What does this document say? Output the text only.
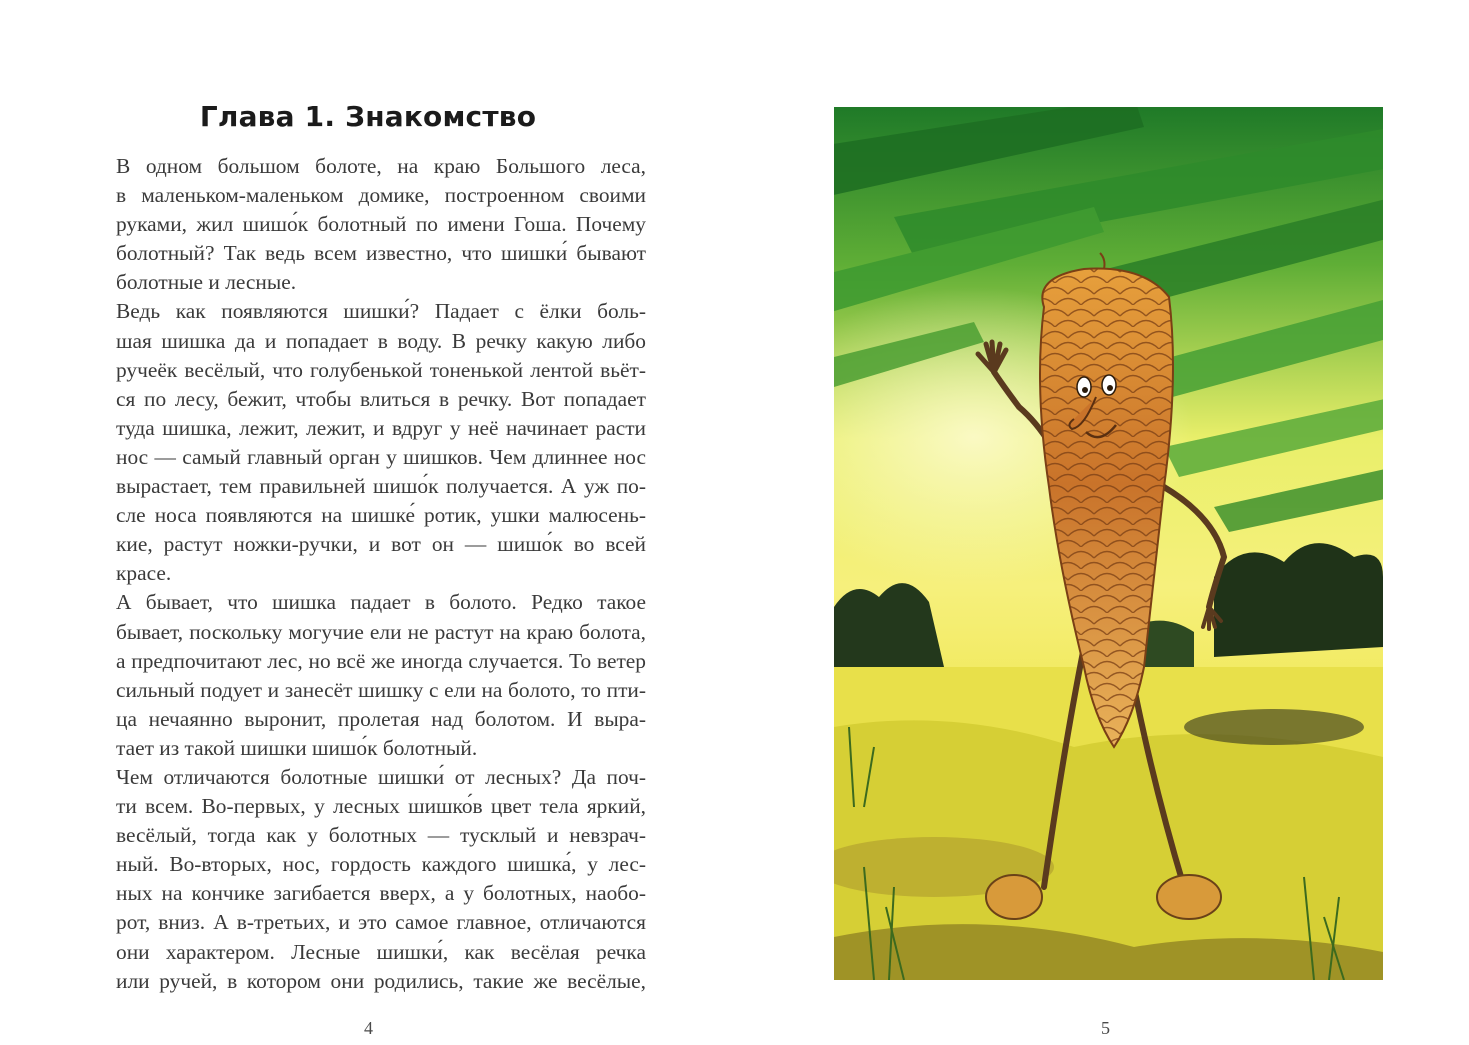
Глава 1. Знакомство

В одном большом болоте, на краю Большого леса,
в маленьком-маленьком домике, построенном своими
руками, жил шишо́к болотный по имени Гоша. Почему
болотный? Так ведь всем известно, что шишки́ бывают
болотные и лесные.

Ведь как появляются шишки́? Падает с ёлки боль-
шая шишка да и попадает в воду. В речку какую либо
ручеёк весёлый, что голубенькой тоненькой лентой вьёт-
ся по лесу, бежит, чтобы влиться в речку. Вот попадает
туда шишка, лежит, лежит, и вдруг у неё начинает расти
нос — самый главный орган у шишков. Чем длиннее нос
вырастает, тем правильней шишо́к получается. А уж по-
сле носа появляются на шишке́ ротик, ушки малюсень-
кие, растут ножки-ручки, и вот он — шишо́к во всей
красе.

А бывает, что шишка падает в болото. Редко такое
бывает, поскольку могучие ели не растут на краю болота,
а предпочитают лес, но всё же иногда случается. То ветер
сильный подует и занесёт шишку с ели на болото, то пти-
ца нечаянно выронит, пролетая над болотом. И выра-
тает из такой шишки шишо́к болотный.

Чем отличаются болотные шишки́ от лесных? Да поч-
ти всем. Во-первых, у лесных шишко́в цвет тела яркий,
весёлый, тогда как у болотных — тусклый и невзрач-
ный. Во-вторых, нос, гордость каждого шишка́, у лес-
ных на кончике загибается вверх, а у болотных, наобо-
рот, вниз. А в-третьих, и это самое главное, отличаются
они характером. Лесные шишки́, как весёлая речка
или ручей, в котором они родились, такие же весёлые,

4	5
